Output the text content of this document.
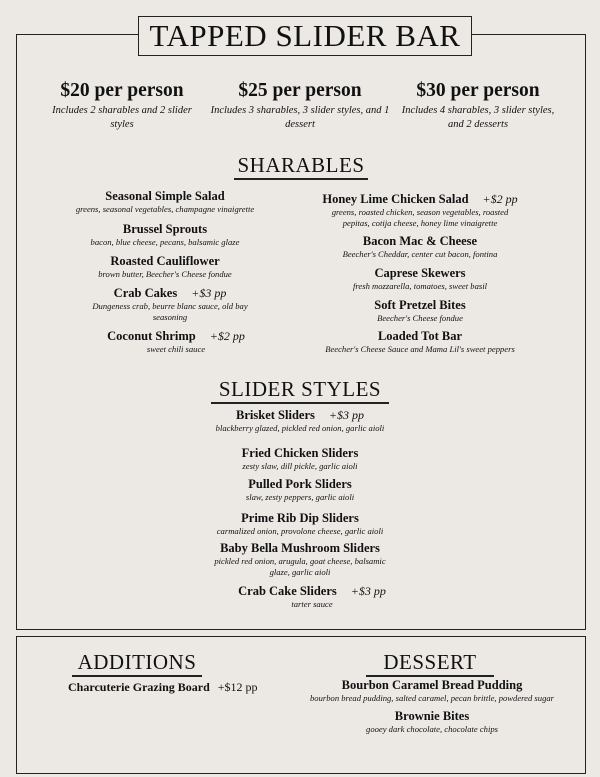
TAPPED SLIDER BAR
$20 per person
Includes 2 sharables and 2 slider styles
$25 per person
Includes 3 sharables, 3 slider styles, and 1 dessert
$30 per person
Includes 4 sharables, 3 slider styles, and 2 desserts
SHARABLES
SLIDER STYLES
ADDITIONS	DESSERT
Charcuterie Grazing Board +$12 pp
Seasonal Simple Salad
greens, seasonal vegetables, champagne vinaigrette
Brussel Sprouts
bacon, blue cheese, pecans, balsamic glaze
Roasted Cauliflower
brown butter, Beecher's Cheese fondue
Crab Cakes +$3 pp
Dungeness crab, beurre blanc sauce, old bay seasoning
Coconut Shrimp +$2 pp
sweet chili sauce
Honey Lime Chicken Salad +$2 pp
greens, roasted chicken, season vegetables, roasted pepitas, cotija cheese, honey lime vinaigrette
Bacon Mac & Cheese
Beecher's Cheddar, center cut bacon, fontina
Caprese Skewers
fresh mozzarella, tomatoes, sweet basil
Soft Pretzel Bites
Beecher's Cheese fondue
Loaded Tot Bar
Beecher's Cheese Sauce and Mama Lil's sweet peppers
Brisket Sliders +$3 pp
blackberry glazed, pickled red onion, garlic aioli
Fried Chicken Sliders
zesty slaw, dill pickle, garlic aioli
Pulled Pork Sliders
slaw, zesty peppers, garlic aioli
Prime Rib Dip Sliders
carmalized onion, provolone cheese, garlic aioli
Baby Bella Mushroom Sliders
pickled red onion, arugula, goat cheese, balsamic glaze, garlic aioli
Crab Cake Sliders +$3 pp
tarter sauce
Bourbon Caramel Bread Pudding
bourbon bread pudding, salted caramel, pecan brittle, powdered sugar
Brownie Bites
gooey dark chocolate, chocolate chips
